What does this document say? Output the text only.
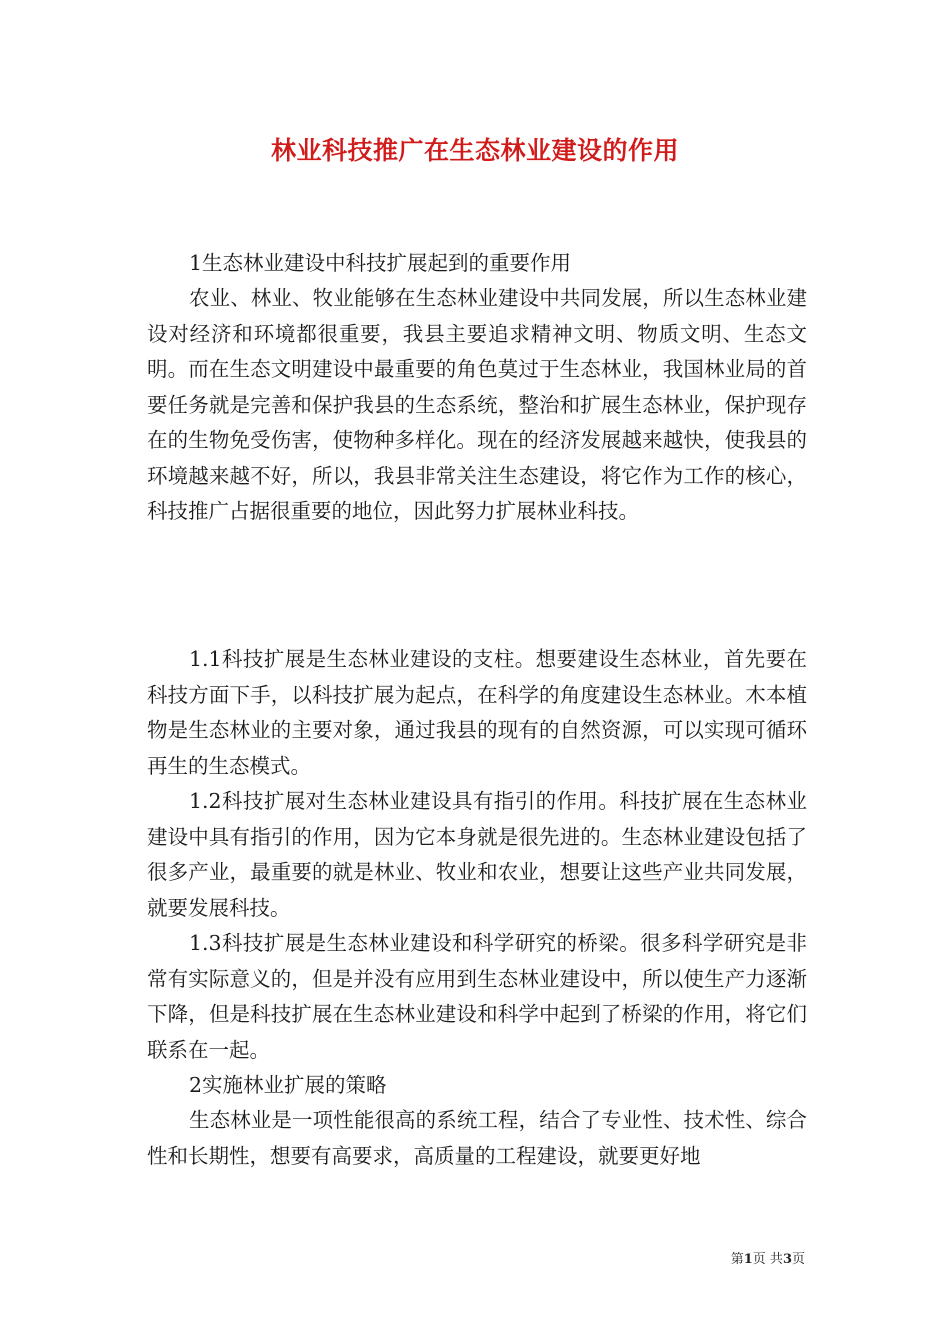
林业科技推广在生态林业建设的作用

1生态林业建设中科技扩展起到的重要作用

农业、林业、牧业能够在生态林业建设中共同发展，所以生态林业建设对经济和环境都很重要，我县主要追求精神文明、物质文明、生态文明。而在生态文明建设中最重要的角色莫过于生态林业，我国林业局的首要任务就是完善和保护我县的生态系统，整治和扩展生态林业，保护现存在的生物免受伤害，使物种多样化。现在的经济发展越来越快，使我县的环境越来越不好，所以，我县非常关注生态建设，将它作为工作的核心，科技推广占据很重要的地位，因此努力扩展林业科技。

1.1科技扩展是生态林业建设的支柱。想要建设生态林业，首先要在科技方面下手，以科技扩展为起点，在科学的角度建设生态林业。木本植物是生态林业的主要对象，通过我县的现有的自然资源，可以实现可循环再生的生态模式。

1.2科技扩展对生态林业建设具有指引的作用。科技扩展在生态林业建设中具有指引的作用，因为它本身就是很先进的。生态林业建设包括了很多产业，最重要的就是林业、牧业和农业，想要让这些产业共同发展，就要发展科技。

1.3科技扩展是生态林业建设和科学研究的桥梁。很多科学研究是非常有实际意义的，但是并没有应用到生态林业建设中，所以使生产力逐渐下降，但是科技扩展在生态林业建设和科学中起到了桥梁的作用，将它们联系在一起。

2实施林业扩展的策略

生态林业是一项性能很高的系统工程，结合了专业性、技术性、综合性和长期性，想要有高要求，高质量的工程建设，就要更好地

第1页 共3页
